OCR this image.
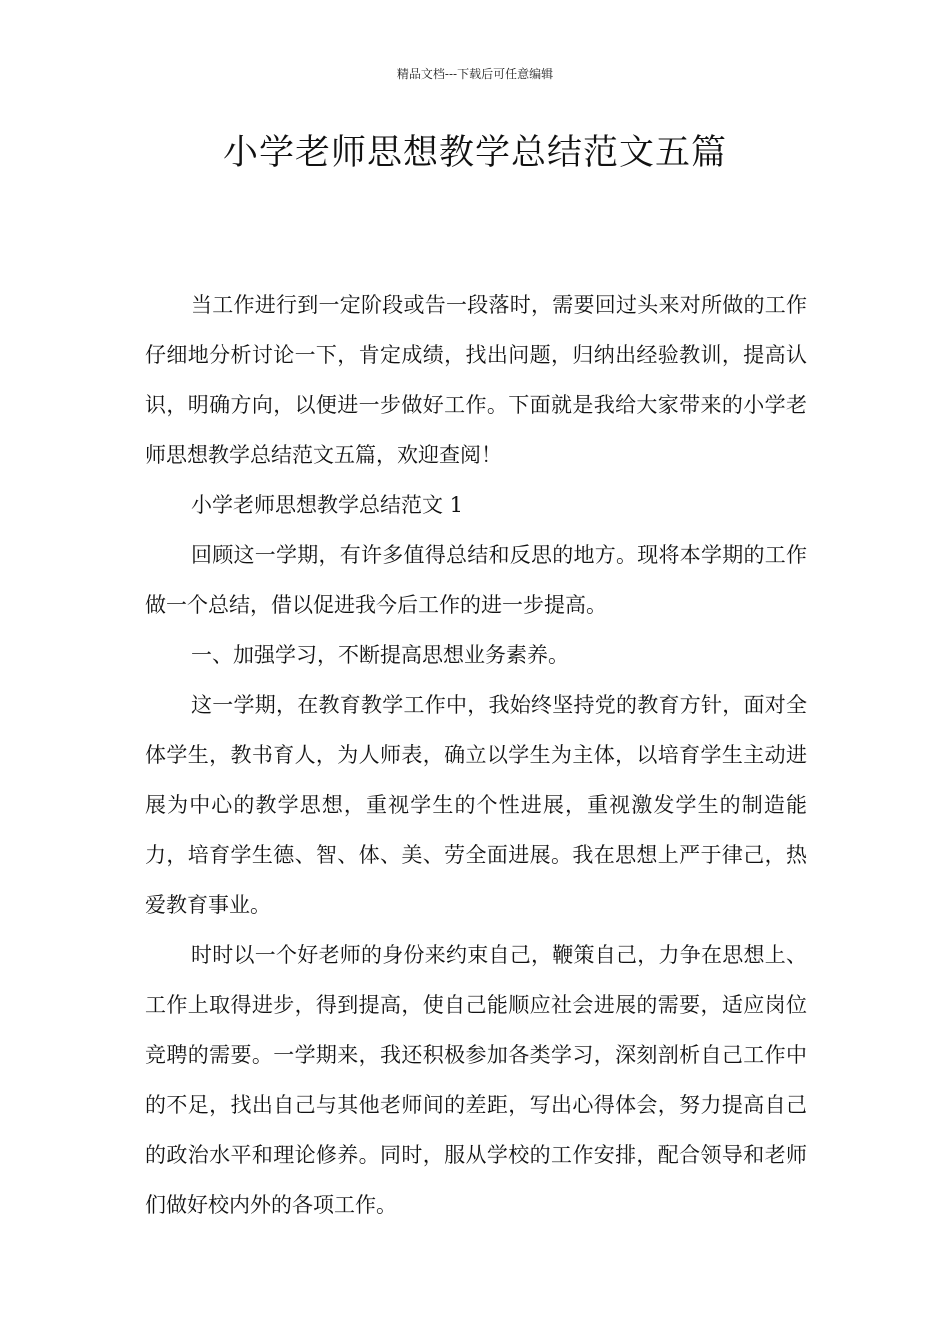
精品文档---下载后可任意编辑
小学老师思想教学总结范文五篇

当工作进行到一定阶段或告一段落时，需要回过头来对所做的工作仔细地分析讨论一下，肯定成绩，找出问题，归纳出经验教训，提高认识，明确方向，以便进一步做好工作。下面就是我给大家带来的小学老师思想教学总结范文五篇，欢迎查阅！

小学老师思想教学总结范文 1

回顾这一学期，有许多值得总结和反思的地方。现将本学期的工作做一个总结，借以促进我今后工作的进一步提高。

一、加强学习，不断提高思想业务素养。

这一学期，在教育教学工作中，我始终坚持党的教育方针，面对全体学生，教书育人，为人师表，确立以学生为主体，以培育学生主动进展为中心的教学思想，重视学生的个性进展，重视激发学生的制造能力，培育学生德、智、体、美、劳全面进展。我在思想上严于律己，热爱教育事业。

时时以一个好老师的身份来约束自己，鞭策自己，力争在思想上、工作上取得进步，得到提高，使自己能顺应社会进展的需要，适应岗位竞聘的需要。一学期来，我还积极参加各类学习，深刻剖析自己工作中的不足，找出自己与其他老师间的差距，写出心得体会，努力提高自己的政治水平和理论修养。同时，服从学校的工作安排，配合领导和老师们做好校内外的各项工作。
